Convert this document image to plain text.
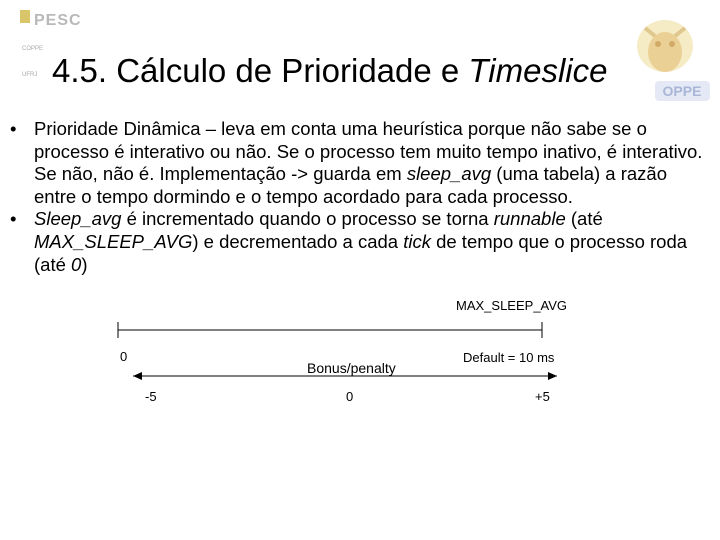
PESC
COPPE
UFRJ 4.5. Cálculo de Prioridade e Timeslice
OPPE

• Prioridade Dinâmica – leva em conta uma heurística porque não sabe se o processo é interativo ou não. Se o processo tem muito tempo inativo, é interativo. Se não, não é. Implementação -> guarda em sleep_avg (uma tabela) a razão entre o tempo dormindo e o tempo acordado para cada processo.

• Sleep_avg é incrementado quando o processo se torna runnable (até MAX_SLEEP_AVG) e decrementado a cada tick de tempo que o processo roda (até 0)

MAX_SLEEP_AVG
0	Default = 10 ms
Bonus/penalty
-5	0	+5
